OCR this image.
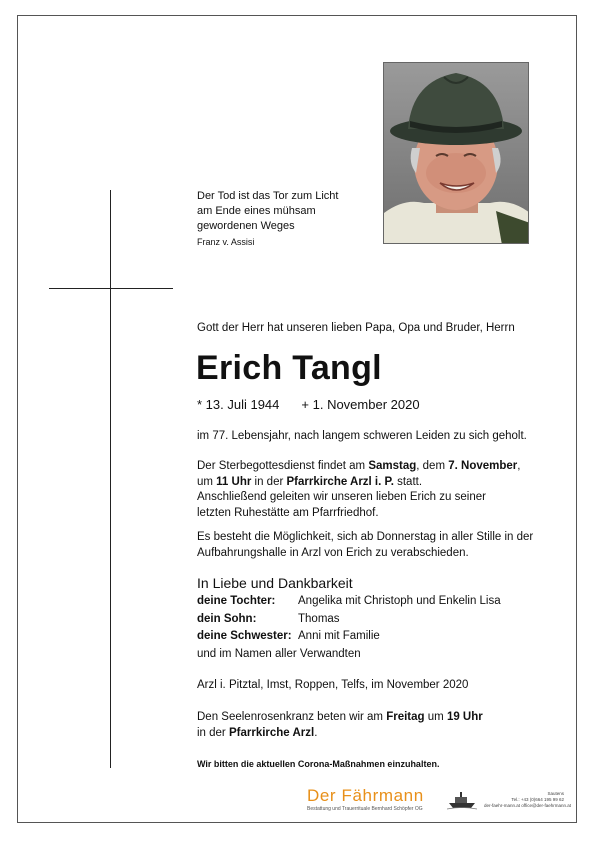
Der Tod ist das Tor zum Licht
am Ende eines mühsam
gewordenen Weges
Franz v. Assisi
Gott der Herr hat unseren lieben Papa, Opa und Bruder, Herrn
Erich Tangl
* 13. Juli 1944 + 1. November 2020
im 77. Lebensjahr, nach langem schweren Leiden zu sich geholt.
Der Sterbegottesdienst findet am Samstag, dem 7. November,
um 11 Uhr in der Pfarrkirche Arzl i. P. statt.
Anschließend geleiten wir unseren lieben Erich zu seiner
letzten Ruhestätte am Pfarrfriedhof.
Es besteht die Möglichkeit, sich ab Donnerstag in aller Stille in der Aufbahrungshalle in Arzl von Erich zu verabschieden.
In Liebe und Dankbarkeit
deine Tochter:	Angelika mit Christoph und Enkelin Lisa
dein Sohn:	Thomas
deine Schwester: Anni mit Familie
und im Namen aller Verwandten
Arzl i. Pitztal, Imst, Roppen, Telfs, im November 2020
Den Seelenrosenkranz beten wir am Freitag um 19 Uhr
in der Pfarrkirche Arzl.
Wir bitten die aktuellen Corona-Maßnahmen einzuhalten.
Der Fährmann
Bestattung und Trauerrituale Bernhard Schöpfer OG
Sautens
Tel.: +43 (0)664 195 99 62
der-faehr-mann.at office@der-faehrmann.at
